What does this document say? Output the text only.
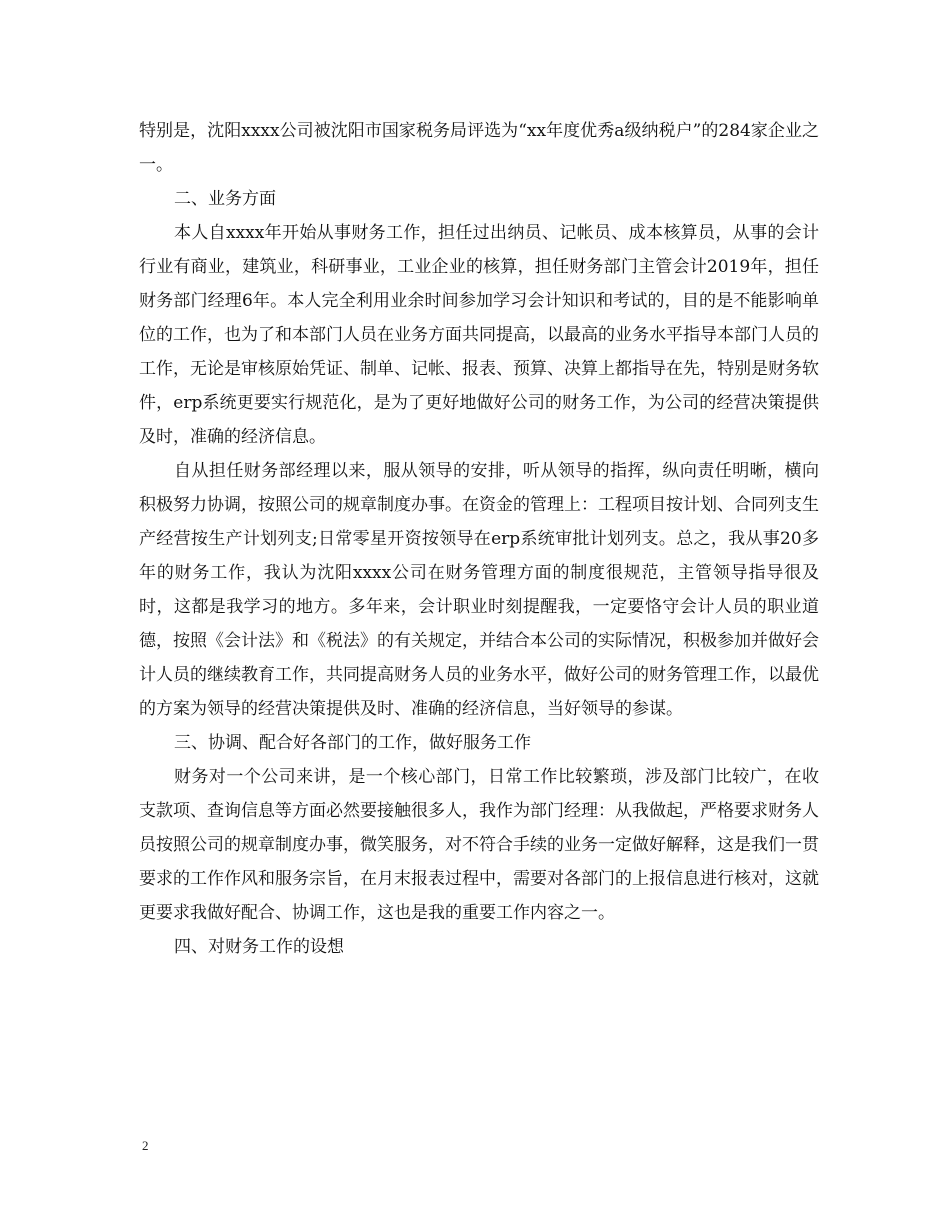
特别是，沈阳xxxx公司被沈阳市国家税务局评选为“xx年度优秀a级纳税户”的284家企业之一。

二、业务方面

本人自xxxx年开始从事财务工作，担任过出纳员、记帐员、成本核算员，从事的会计行业有商业，建筑业，科研事业，工业企业的核算，担任财务部门主管会计2019年，担任财务部门经理6年。本人完全利用业余时间参加学习会计知识和考试的，目的是不能影响单位的工作，也为了和本部门人员在业务方面共同提高，以最高的业务水平指导本部门人员的工作，无论是审核原始凭证、制单、记帐、报表、预算、决算上都指导在先，特别是财务软件，erp系统更要实行规范化，是为了更好地做好公司的财务工作，为公司的经营决策提供及时，准确的经济信息。

自从担任财务部经理以来，服从领导的安排，听从领导的指挥，纵向责任明晰，横向积极努力协调，按照公司的规章制度办事。在资金的管理上：工程项目按计划、合同列支生产经营按生产计划列支;日常零星开资按领导在erp系统审批计划列支。总之，我从事20多年的财务工作，我认为沈阳xxxx公司在财务管理方面的制度很规范，主管领导指导很及时，这都是我学习的地方。多年来，会计职业时刻提醒我，一定要恪守会计人员的职业道德，按照《会计法》和《税法》的有关规定，并结合本公司的实际情况，积极参加并做好会计人员的继续教育工作，共同提高财务人员的业务水平，做好公司的财务管理工作，以最优的方案为领导的经营决策提供及时、准确的经济信息，当好领导的参谋。

三、协调、配合好各部门的工作，做好服务工作

财务对一个公司来讲，是一个核心部门，日常工作比较繁琐，涉及部门比较广，在收支款项、查询信息等方面必然要接触很多人，我作为部门经理：从我做起，严格要求财务人员按照公司的规章制度办事，微笑服务，对不符合手续的业务一定做好解释，这是我们一贯要求的工作作风和服务宗旨，在月末报表过程中，需要对各部门的上报信息进行核对，这就更要求我做好配合、协调工作，这也是我的重要工作内容之一。

四、对财务工作的设想

2
